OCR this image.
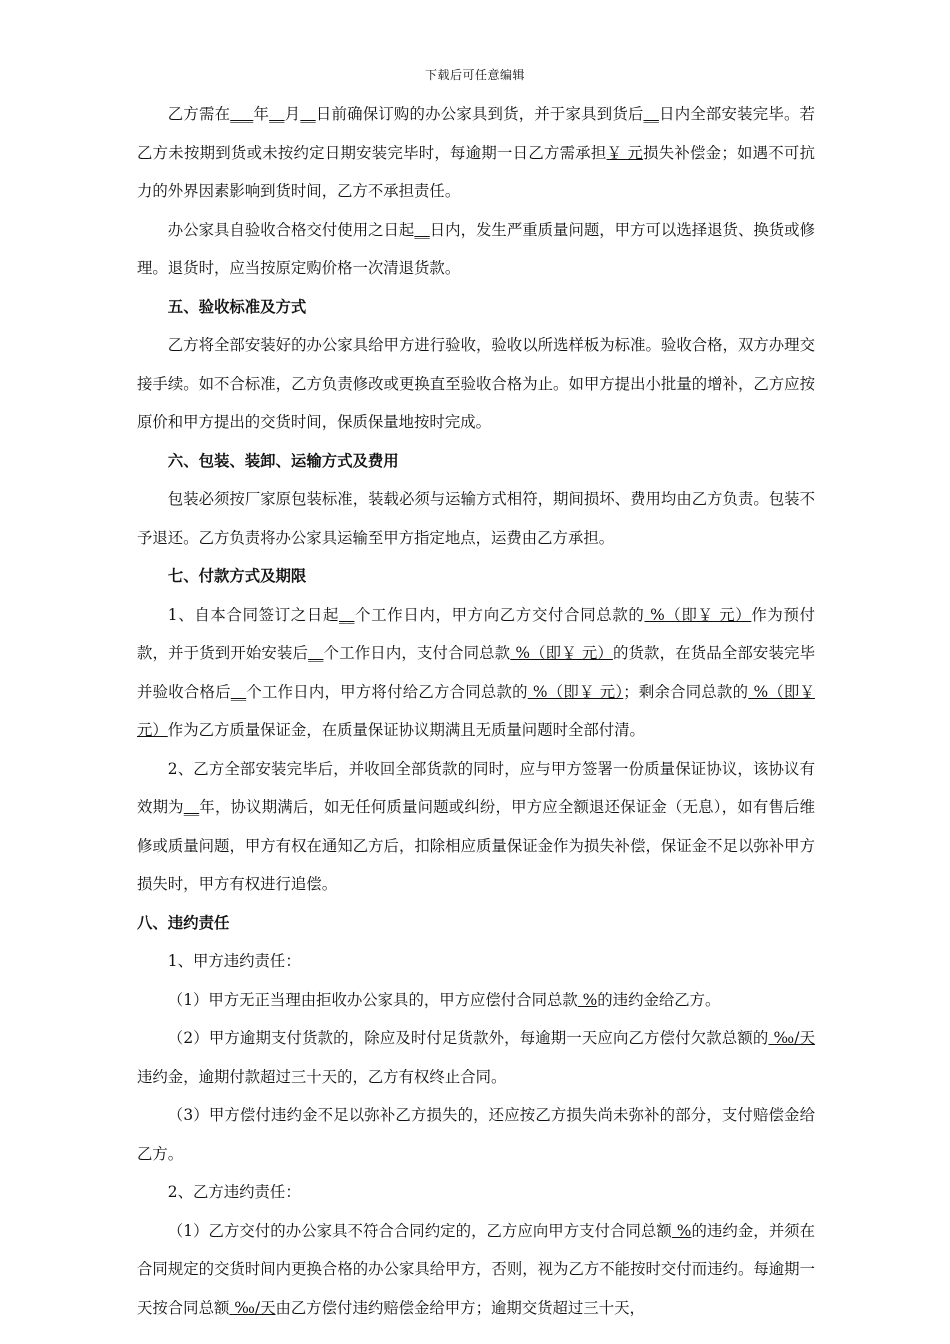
下载后可任意编辑

乙方需在___年__月__日前确保订购的办公家具到货，并于家具到货后__日内全部安装完毕。若乙方未按期到货或未按约定日期安装完毕时，每逾期一日乙方需承担￥ 元损失补偿金；如遇不可抗力的外界因素影响到货时间，乙方不承担责任。

办公家具自验收合格交付使用之日起__日内，发生严重质量问题，甲方可以选择退货、换货或修理。退货时，应当按原定购价格一次清退货款。

五、验收标准及方式

乙方将全部安装好的办公家具给甲方进行验收，验收以所选样板为标准。验收合格，双方办理交接手续。如不合标准，乙方负责修改或更换直至验收合格为止。如甲方提出小批量的增补，乙方应按原价和甲方提出的交货时间，保质保量地按时完成。

六、包装、装卸、运输方式及费用

包装必须按厂家原包装标准，装载必须与运输方式相符，期间损坏、费用均由乙方负责。包装不予退还。乙方负责将办公家具运输至甲方指定地点，运费由乙方承担。

七、付款方式及期限

1、自本合同签订之日起__个工作日内，甲方向乙方交付合同总款的 %（即￥ 元）作为预付款，并于货到开始安装后__个工作日内，支付合同总款 %（即￥ 元）的货款，在货品全部安装完毕并验收合格后__个工作日内，甲方将付给乙方合同总款的 %（即￥ 元）；剩余合同总款的 %（即￥ 元）作为乙方质量保证金，在质量保证协议期满且无质量问题时全部付清。

2、乙方全部安装完毕后，并收回全部货款的同时，应与甲方签署一份质量保证协议，该协议有效期为__年，协议期满后，如无任何质量问题或纠纷，甲方应全额退还保证金（无息），如有售后维修或质量问题，甲方有权在通知乙方后，扣除相应质量保证金作为损失补偿，保证金不足以弥补甲方损失时，甲方有权进行追偿。

八、违约责任

1、甲方违约责任：

（1）甲方无正当理由拒收办公家具的，甲方应偿付合同总款 %的违约金给乙方。

（2）甲方逾期支付货款的，除应及时付足货款外，每逾期一天应向乙方偿付欠款总额的 ‰/天违约金，逾期付款超过三十天的，乙方有权终止合同。

（3）甲方偿付违约金不足以弥补乙方损失的，还应按乙方损失尚未弥补的部分，支付赔偿金给乙方。

2、乙方违约责任：

（1）乙方交付的办公家具不符合合同约定的，乙方应向甲方支付合同总额 %的违约金，并须在合同规定的交货时间内更换合格的办公家具给甲方，否则，视为乙方不能按时交付而违约。每逾期一天按合同总额 ‰/天由乙方偿付违约赔偿金给甲方；逾期交货超过三十天，
